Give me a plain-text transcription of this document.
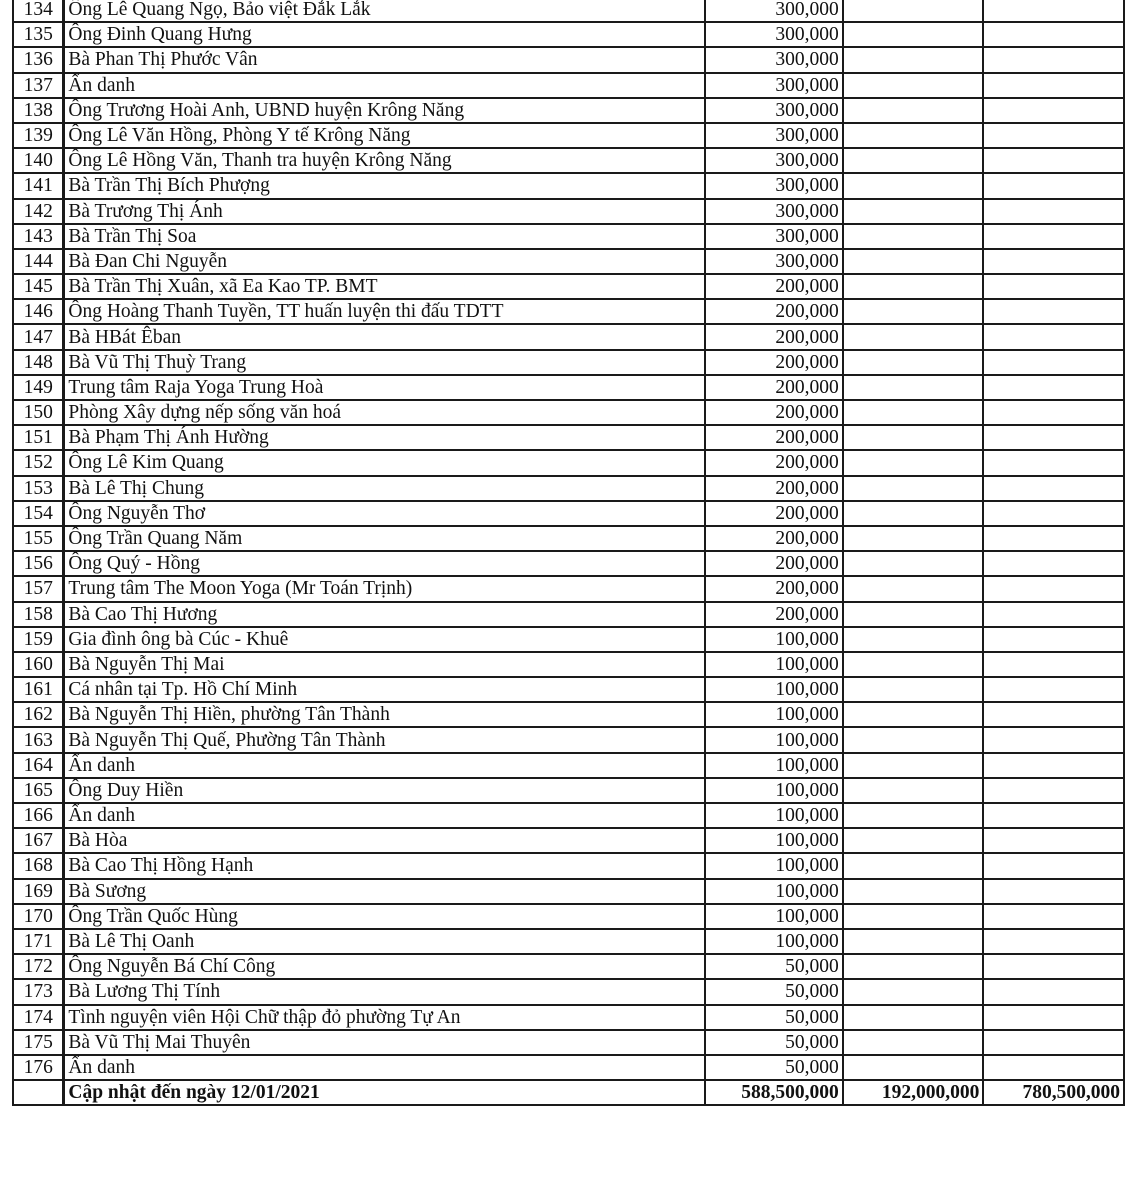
134	Ông Lê Quang Ngọ, Bảo việt Đắk Lắk	300,000		
135	Ông Đinh Quang Hưng	300,000		
136	Bà Phan Thị Phước Vân	300,000		
137	Ẩn danh	300,000		
138	Ông Trương Hoài Anh, UBND huyện Krông Năng	300,000		
139	Ông Lê Văn Hồng, Phòng Y tế Krông Năng	300,000		
140	Ông Lê Hồng Văn, Thanh tra huyện Krông Năng	300,000		
141	Bà Trần Thị Bích Phượng	300,000		
142	Bà Trương Thị Ánh	300,000		
143	Bà Trần Thị Soa	300,000		
144	Bà Đan Chi Nguyễn	300,000		
145	Bà Trần Thị Xuân, xã Ea Kao TP. BMT	200,000		
146	Ông Hoàng Thanh Tuyền, TT huấn luyện thi đấu TDTT	200,000		
147	Bà HBát Êban	200,000		
148	Bà Vũ Thị Thuỳ Trang	200,000		
149	Trung tâm Raja Yoga Trung Hoà	200,000		
150	Phòng Xây dựng nếp sống văn hoá	200,000		
151	Bà Phạm Thị Ánh Hường	200,000		
152	Ông Lê Kim Quang	200,000		
153	Bà Lê Thị Chung	200,000		
154	Ông Nguyễn Thơ	200,000		
155	Ông Trần Quang Năm	200,000		
156	Ông Quý - Hồng	200,000		
157	Trung tâm The Moon Yoga (Mr Toán Trịnh)	200,000		
158	Bà Cao Thị Hương	200,000		
159	Gia đình ông bà Cúc - Khuê	100,000		
160	Bà Nguyễn Thị Mai	100,000		
161	Cá nhân tại Tp. Hồ Chí Minh	100,000		
162	Bà Nguyễn Thị Hiền, phường Tân Thành	100,000		
163	Bà Nguyễn Thị Quế, Phường Tân Thành	100,000		
164	Ẩn danh	100,000		
165	Ông Duy Hiền	100,000		
166	Ẩn danh	100,000		
167	Bà Hòa	100,000		
168	Bà Cao Thị Hồng Hạnh	100,000		
169	Bà Sương	100,000		
170	Ông Trần Quốc Hùng	100,000		
171	Bà Lê Thị Oanh	100,000		
172	Ông Nguyễn Bá Chí Công	50,000		
173	Bà Lương Thị Tính	50,000		
174	Tình nguyện viên Hội Chữ thập đỏ phường Tự An	50,000		
175	Bà Vũ Thị Mai Thuyên	50,000		
176	Ẩn danh	50,000		
	Cập nhật đến ngày 12/01/2021	588,500,000	192,000,000	780,500,000
